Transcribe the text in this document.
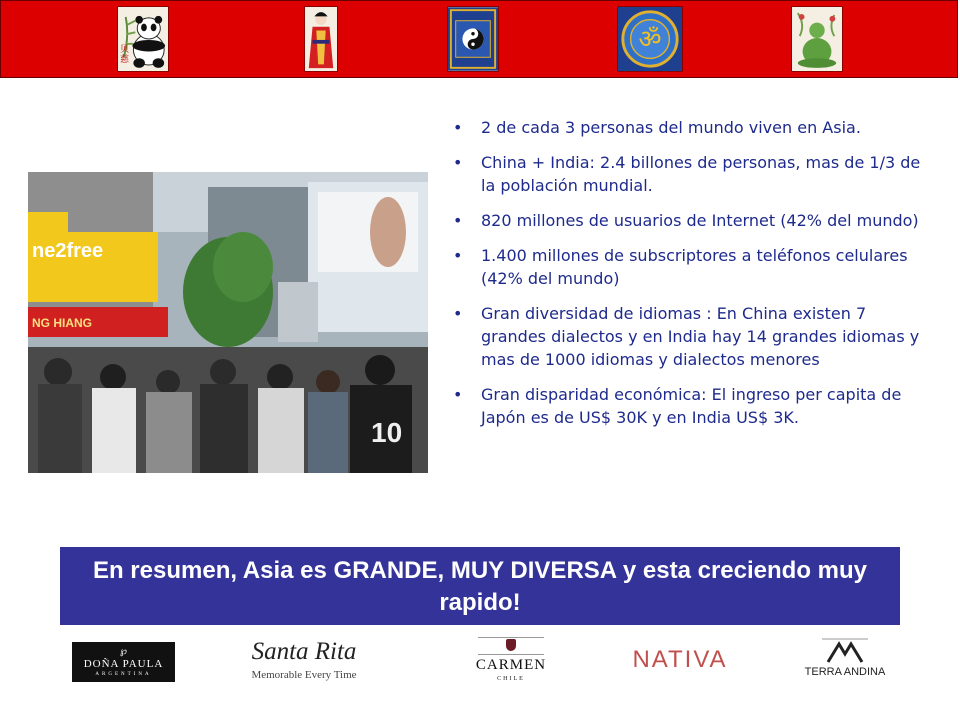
贝 慈
ॐ
ne2free
NG HIANG
10
• 2 de cada 3 personas del mundo viven en Asia.
• China + India: 2.4 billones de personas, mas de 1/3 de la población mundial.
• 820 millones de usuarios de Internet (42% del mundo)
• 1.400 millones de subscriptores a teléfonos celulares (42% del mundo)
• Gran diversidad de idiomas : En China existen 7 grandes dialectos y en India hay 14 grandes idiomas y mas de 1000 idiomas y dialectos menores
• Gran disparidad económica: El ingreso per capita de Japón es de US$ 30K y en India US$ 3K.
En resumen, Asia es GRANDE, MUY DIVERSA y esta creciendo muy rapido!
℘
DOÑA PAULA
ARGENTINA
Santa Rita
Memorable Every Time
CARMEN
CHILE
NATIVA	TERRA ANDINA
